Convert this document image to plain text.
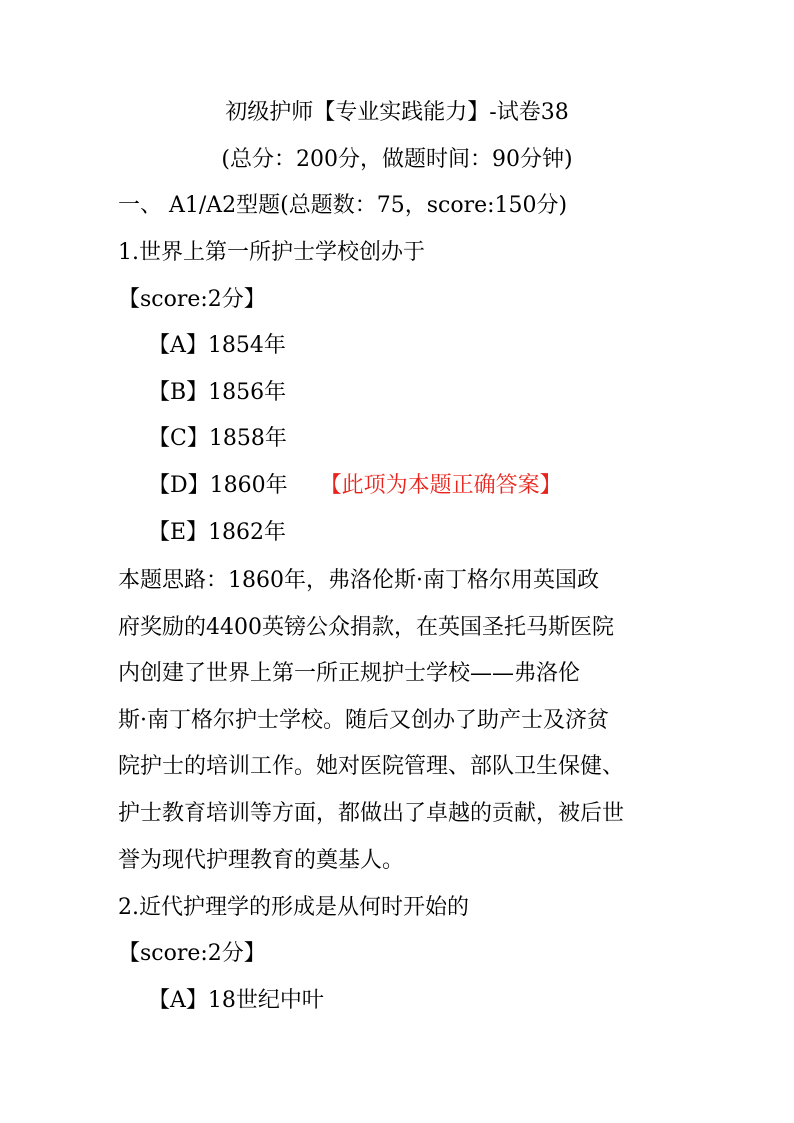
初级护师【专业实践能力】-试卷38
(总分：200分，做题时间：90分钟)
一、 A1/A2型题(总题数：75，score:150分)
1.世界上第一所护士学校创办于
【score:2分】
【A】1854年
【B】1856年
【C】1858年
【D】1860年 【此项为本题正确答案】
【E】1862年
本题思路：1860年，弗洛伦斯·南丁格尔用英国政
府奖励的4400英镑公众捐款，在英国圣托马斯医院
内创建了世界上第一所正规护士学校——弗洛伦
斯·南丁格尔护士学校。随后又创办了助产士及济贫
院护士的培训工作。她对医院管理、部队卫生保健、
护士教育培训等方面，都做出了卓越的贡献，被后世
誉为现代护理教育的奠基人。
2.近代护理学的形成是从何时开始的
【score:2分】
【A】18世纪中叶
